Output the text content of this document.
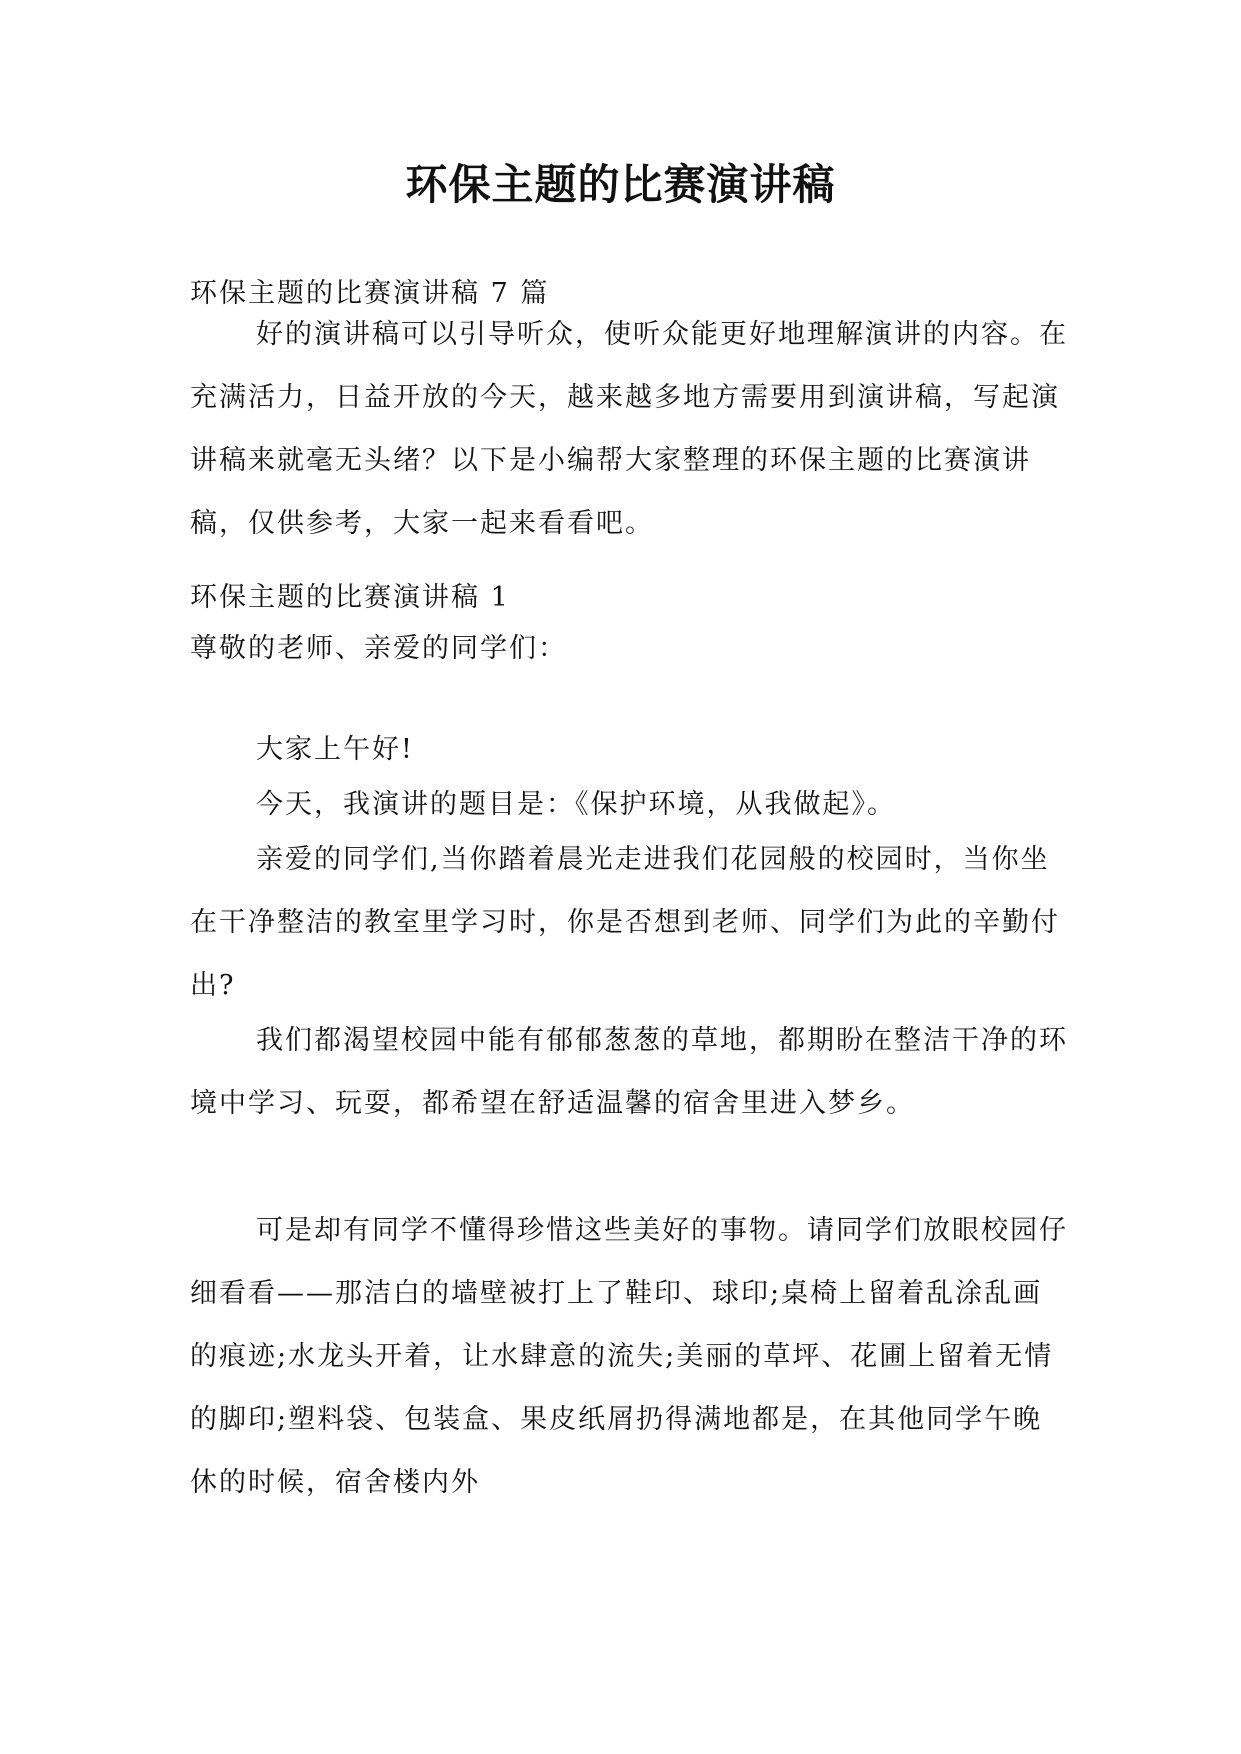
环保主题的比赛演讲稿

环保主题的比赛演讲稿 7 篇

好的演讲稿可以引导听众，使听众能更好地理解演讲的内容。在充满活力，日益开放的今天，越来越多地方需要用到演讲稿，写起演讲稿来就毫无头绪？以下是小编帮大家整理的环保主题的比赛演讲稿，仅供参考，大家一起来看看吧。

环保主题的比赛演讲稿 1

尊敬的老师、亲爱的同学们：

大家上午好!

今天，我演讲的题目是：《保护环境，从我做起》。

亲爱的同学们,当你踏着晨光走进我们花园般的校园时，当你坐在干净整洁的教室里学习时，你是否想到老师、同学们为此的辛勤付出?

我们都渴望校园中能有郁郁葱葱的草地，都期盼在整洁干净的环境中学习、玩耍，都希望在舒适温馨的宿舍里进入梦乡。

可是却有同学不懂得珍惜这些美好的事物。请同学们放眼校园仔细看看——那洁白的墙壁被打上了鞋印、球印;桌椅上留着乱涂乱画的痕迹;水龙头开着，让水肆意的流失;美丽的草坪、花圃上留着无情的脚印;塑料袋、包装盒、果皮纸屑扔得满地都是，在其他同学午晚休的时候，宿舍楼内外
